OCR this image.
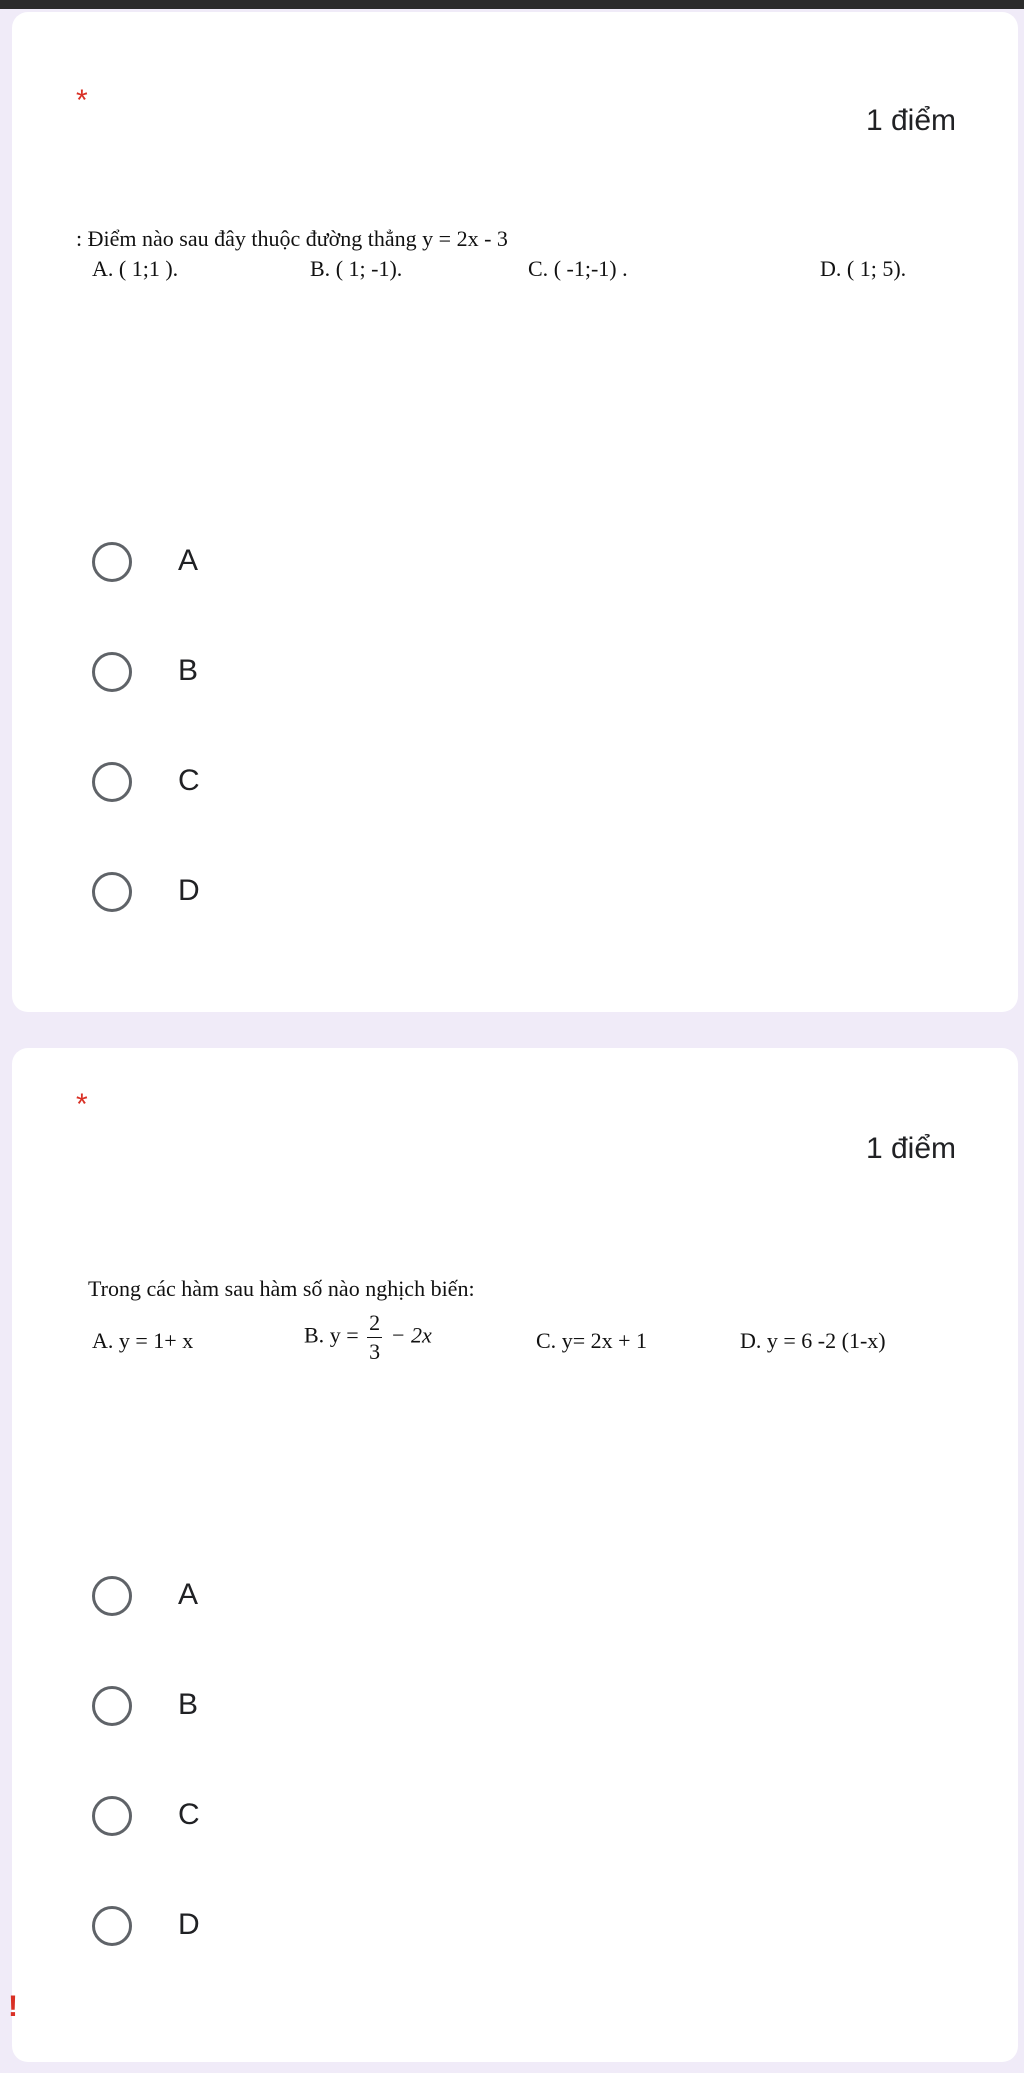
*
1 điểm
: Điểm nào sau đây thuộc đường thẳng y = 2x - 3
A. ( 1;1 ).	B. ( 1; -1).	C. ( -1;-1) .	D. ( 1; 5).
A
B
C
D
*
1 điểm
Trong các hàm sau hàm số nào nghịch biến:
A. y = 1+ x	B. $y = \frac{2}{3} - 2x$	C. y= 2x + 1	D. y = 6 -2 (1-x)
A
B
C
D
!
